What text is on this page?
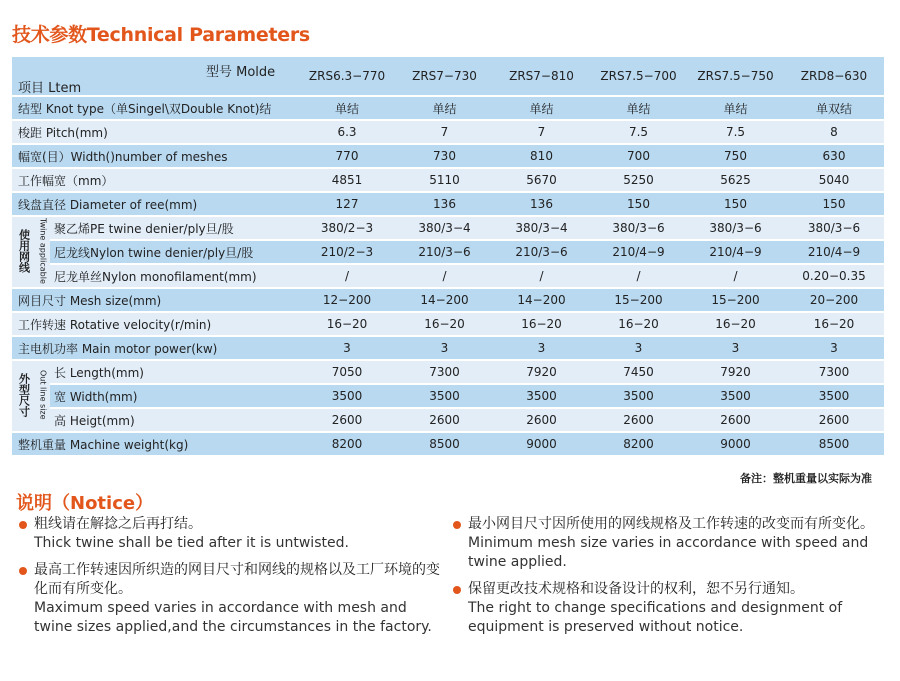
技术参数Technical Parameters
型号 Molde
项目 Ltem			ZRS6.3−770	ZRS7−730	ZRS7−810	ZRS7.5−700	ZRS7.5−750	ZRD8−630
结型 Knot type（单Singel\双Double Knot)结			单结	单结	单结	单结	单结	单双结
梭距 Pitch(mm)			6.3	7	7	7.5	7.5	8
幅宽(目）Width()number of meshes			770	730	810	700	750	630
工作幅宽（mm）			4851	5110	5670	5250	5625	5040
线盘直径 Diameter of ree(mm)			127	136	136	150	150	150
使用网线	Twine applicable	聚乙烯PE twine denier/ply旦/股	380/2−3	380/3−4	380/3−4	380/3−6	380/3−6	380/3−6
		尼龙线Nylon twine denier/ply旦/股	210/2−3	210/3−6	210/3−6	210/4−9	210/4−9	210/4−9
		尼龙单丝Nylon monofilament(mm)	/	/	/	/	/	0.20−0.35
网目尺寸 Mesh size(mm)			12−200	14−200	14−200	15−200	15−200	20−200
工作转速 Rotative velocity(r/min)			16−20	16−20	16−20	16−20	16−20	16−20
主电机功率 Main motor power(kw)			3	3	3	3	3	3
外型尺寸	Out line size	长 Length(mm)	7050	7300	7920	7450	7920	7300
		宽 Width(mm)	3500	3500	3500	3500	3500	3500
		高 Heigt(mm)	2600	2600	2600	2600	2600	2600
整机重量 Machine weight(kg)			8200	8500	9000	8200	9000	8500
备注：整机重量以实际为准
说明（Notice）
粗线请在解捻之后再打结。
Thick twine shall be tied after it is untwisted.
最高工作转速因所织造的网目尺寸和网线的规格以及工厂环境的变化而有所变化。
Maximum speed varies in accordance with mesh and twine sizes applied,and the circumstances in the factory.
最小网目尺寸因所使用的网线规格及工作转速的改变而有所变化。
Minimum mesh size varies in accordance with speed and twine applied.
保留更改技术规格和设备设计的权利，恕不另行通知。
The right to change specifications and designment of equipment is preserved without notice.
